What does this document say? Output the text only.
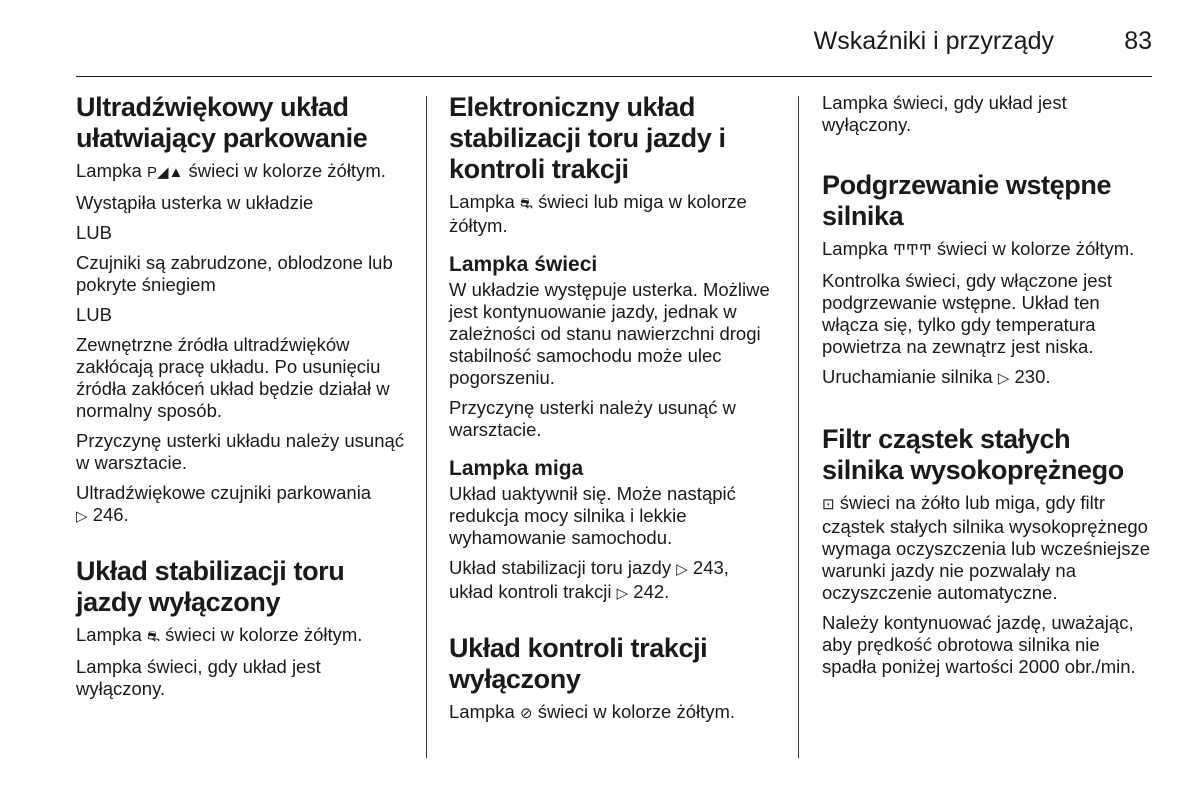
Wskaźniki i przyrządy	83
Ultradźwiękowy układ ułatwiający parkowanie

Lampka P◢▲ świeci w kolorze żółtym.

Wystąpiła usterka w układzie

LUB

Czujniki są zabrudzone, oblodzone lub pokryte śniegiem

LUB

Zewnętrzne źródła ultradźwięków zakłócają pracę układu. Po usunięciu źródła zakłóceń układ będzie działał w normalny sposób.

Przyczynę usterki układu należy usunąć w warsztacie.

Ultradźwiękowe czujniki parkowania
▷ 246.

Układ stabilizacji toru jazdy wyłączony

Lampka ⛐ świeci w kolorze żółtym.

Lampka świeci, gdy układ jest wyłączony.

Elektroniczny układ stabilizacji toru jazdy i kontroli trakcji

Lampka ⛐ świeci lub miga w kolorze żółtym.

Lampka świeci

W układzie występuje usterka. Możliwe jest kontynuowanie jazdy, jednak w zależności od stanu nawierzchni drogi stabilność samochodu może ulec pogorszeniu.

Przyczynę usterki należy usunąć w warsztacie.

Lampka miga

Układ uaktywnił się. Może nastąpić redukcja mocy silnika i lekkie wyhamowanie samochodu.

Układ stabilizacji toru jazdy ▷ 243,
układ kontroli trakcji ▷ 242.

Układ kontroli trakcji wyłączony

Lampka ⊘ świeci w kolorze żółtym.

Lampka świeci, gdy układ jest wyłączony.

Podgrzewanie wstępne silnika

Lampka ͲͲͲ świeci w kolorze żółtym.

Kontrolka świeci, gdy włączone jest podgrzewanie wstępne. Układ ten włącza się, tylko gdy temperatura powietrza na zewnątrz jest niska.

Uruchamianie silnika ▷ 230.

Filtr cząstek stałych silnika wysokoprężnego

⊡ świeci na żółto lub miga, gdy filtr cząstek stałych silnika wysokoprężnego wymaga oczyszczenia lub wcześniejsze warunki jazdy nie pozwalały na oczyszczenie automatyczne.

Należy kontynuować jazdę, uważając, aby prędkość obrotowa silnika nie spadła poniżej wartości 2000 obr./min.
